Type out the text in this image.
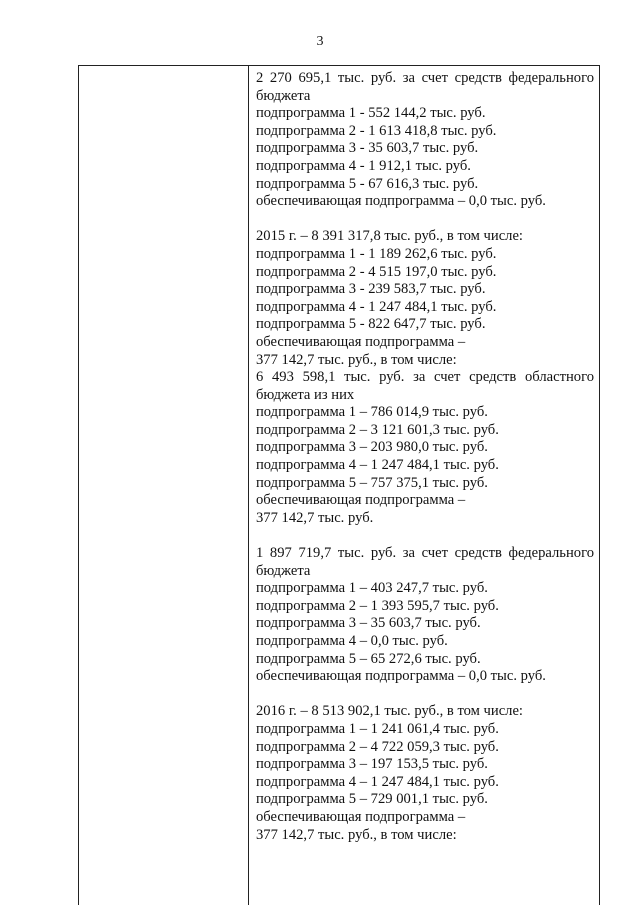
3
2 270 695,1 тыс. руб. за счет средств федерального
бюджета
подпрограмма 1 - 552 144,2 тыс. руб.
подпрограмма 2 - 1 613 418,8 тыс. руб.
подпрограмма 3 - 35 603,7 тыс. руб.
подпрограмма 4 - 1 912,1 тыс. руб.
подпрограмма 5 - 67 616,3 тыс. руб.
обеспечивающая подпрограмма – 0,0 тыс. руб.
2015 г. – 8 391 317,8 тыс. руб., в том числе:
подпрограмма 1 - 1 189 262,6 тыс. руб.
подпрограмма 2 - 4 515 197,0 тыс. руб.
подпрограмма 3 - 239 583,7 тыс. руб.
подпрограмма 4 - 1 247 484,1 тыс. руб.
подпрограмма 5 - 822 647,7 тыс. руб.
обеспечивающая подпрограмма –
377 142,7 тыс. руб., в том числе:
6 493 598,1 тыс. руб. за счет средств областного
бюджета из них
подпрограмма 1 – 786 014,9 тыс. руб.
подпрограмма 2 – 3 121 601,3 тыс. руб.
подпрограмма 3 – 203 980,0 тыс. руб.
подпрограмма 4 – 1 247 484,1 тыс. руб.
подпрограмма 5 – 757 375,1 тыс. руб.
обеспечивающая подпрограмма –
377 142,7 тыс. руб.
1 897 719,7 тыс. руб. за счет средств федерального
бюджета
подпрограмма 1 – 403 247,7 тыс. руб.
подпрограмма 2 – 1 393 595,7 тыс. руб.
подпрограмма 3 – 35 603,7 тыс. руб.
подпрограмма 4 – 0,0 тыс. руб.
подпрограмма 5 – 65 272,6 тыс. руб.
обеспечивающая подпрограмма – 0,0 тыс. руб.
2016 г. – 8 513 902,1 тыс. руб., в том числе:
подпрограмма 1 – 1 241 061,4 тыс. руб.
подпрограмма 2 – 4 722 059,3 тыс. руб.
подпрограмма 3 – 197 153,5 тыс. руб.
подпрограмма 4 – 1 247 484,1 тыс. руб.
подпрограмма 5 – 729 001,1 тыс. руб.
обеспечивающая подпрограмма –
377 142,7 тыс. руб., в том числе:
